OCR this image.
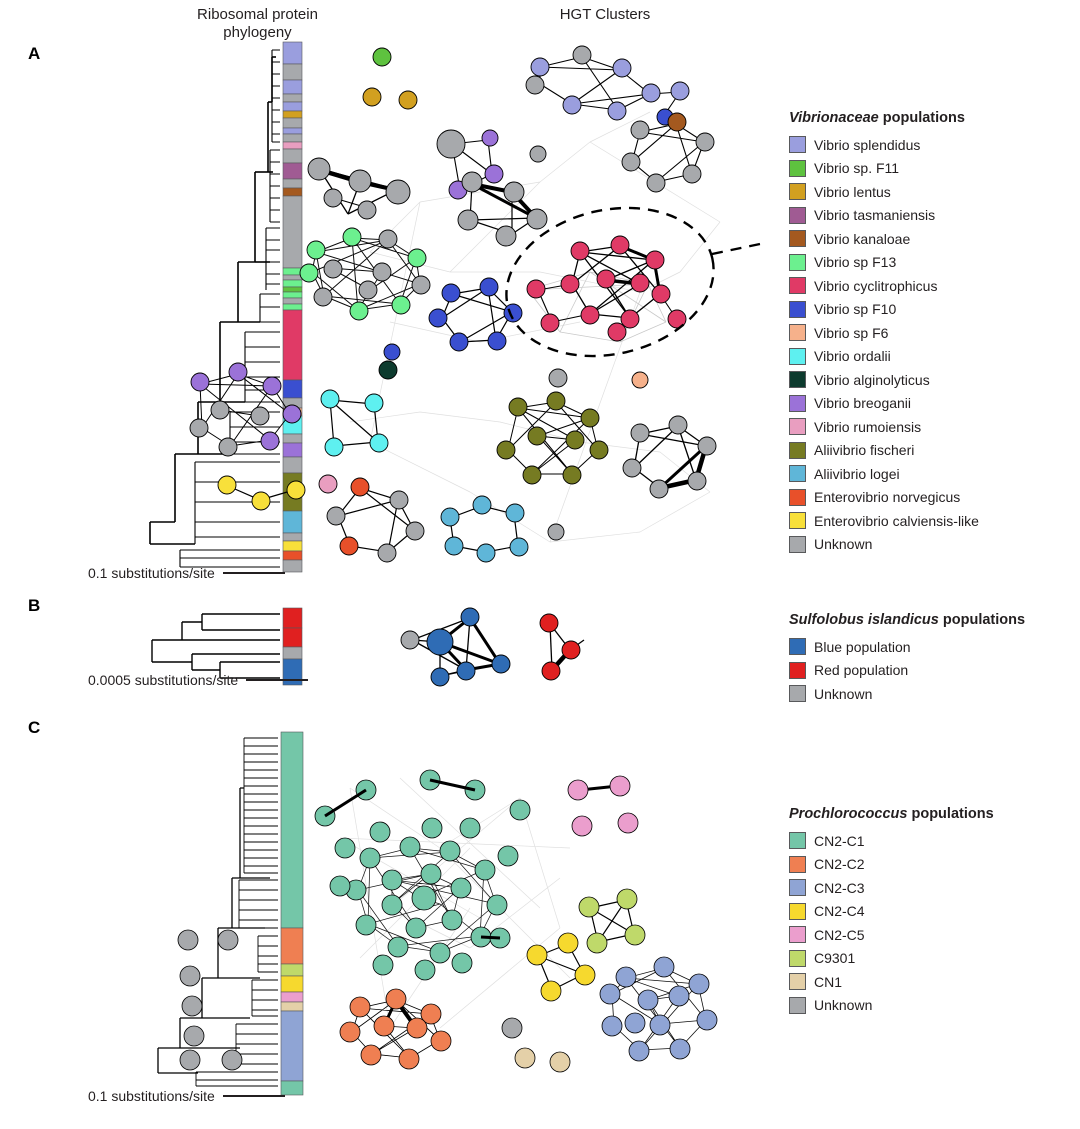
Ribosomal protein
phylogeny
HGT Clusters
A
B
C
0.1 substitutions/site
Vibrionaceae populations
Vibrio splendidus
Vibrio sp. F11
Vibrio lentus
Vibrio tasmaniensis
Vibrio kanaloae
Vibrio sp F13
Vibrio cyclitrophicus
Vibrio sp F10
Vibrio sp F6
Vibrio ordalii
Vibrio alginolyticus
Vibrio breoganii
Vibrio rumoiensis
Aliivibrio fischeri
Aliivibrio logei
Enterovibrio norvegicus
Enterovibrio calviensis-like
Unknown
0.0005 substitutions/site
Sulfolobus islandicus populations
Blue population
Red population
Unknown
0.1 substitutions/site
Prochlorococcus populations
CN2-C1
CN2-C2
CN2-C3
CN2-C4
CN2-C5
C9301
CN1
Unknown
